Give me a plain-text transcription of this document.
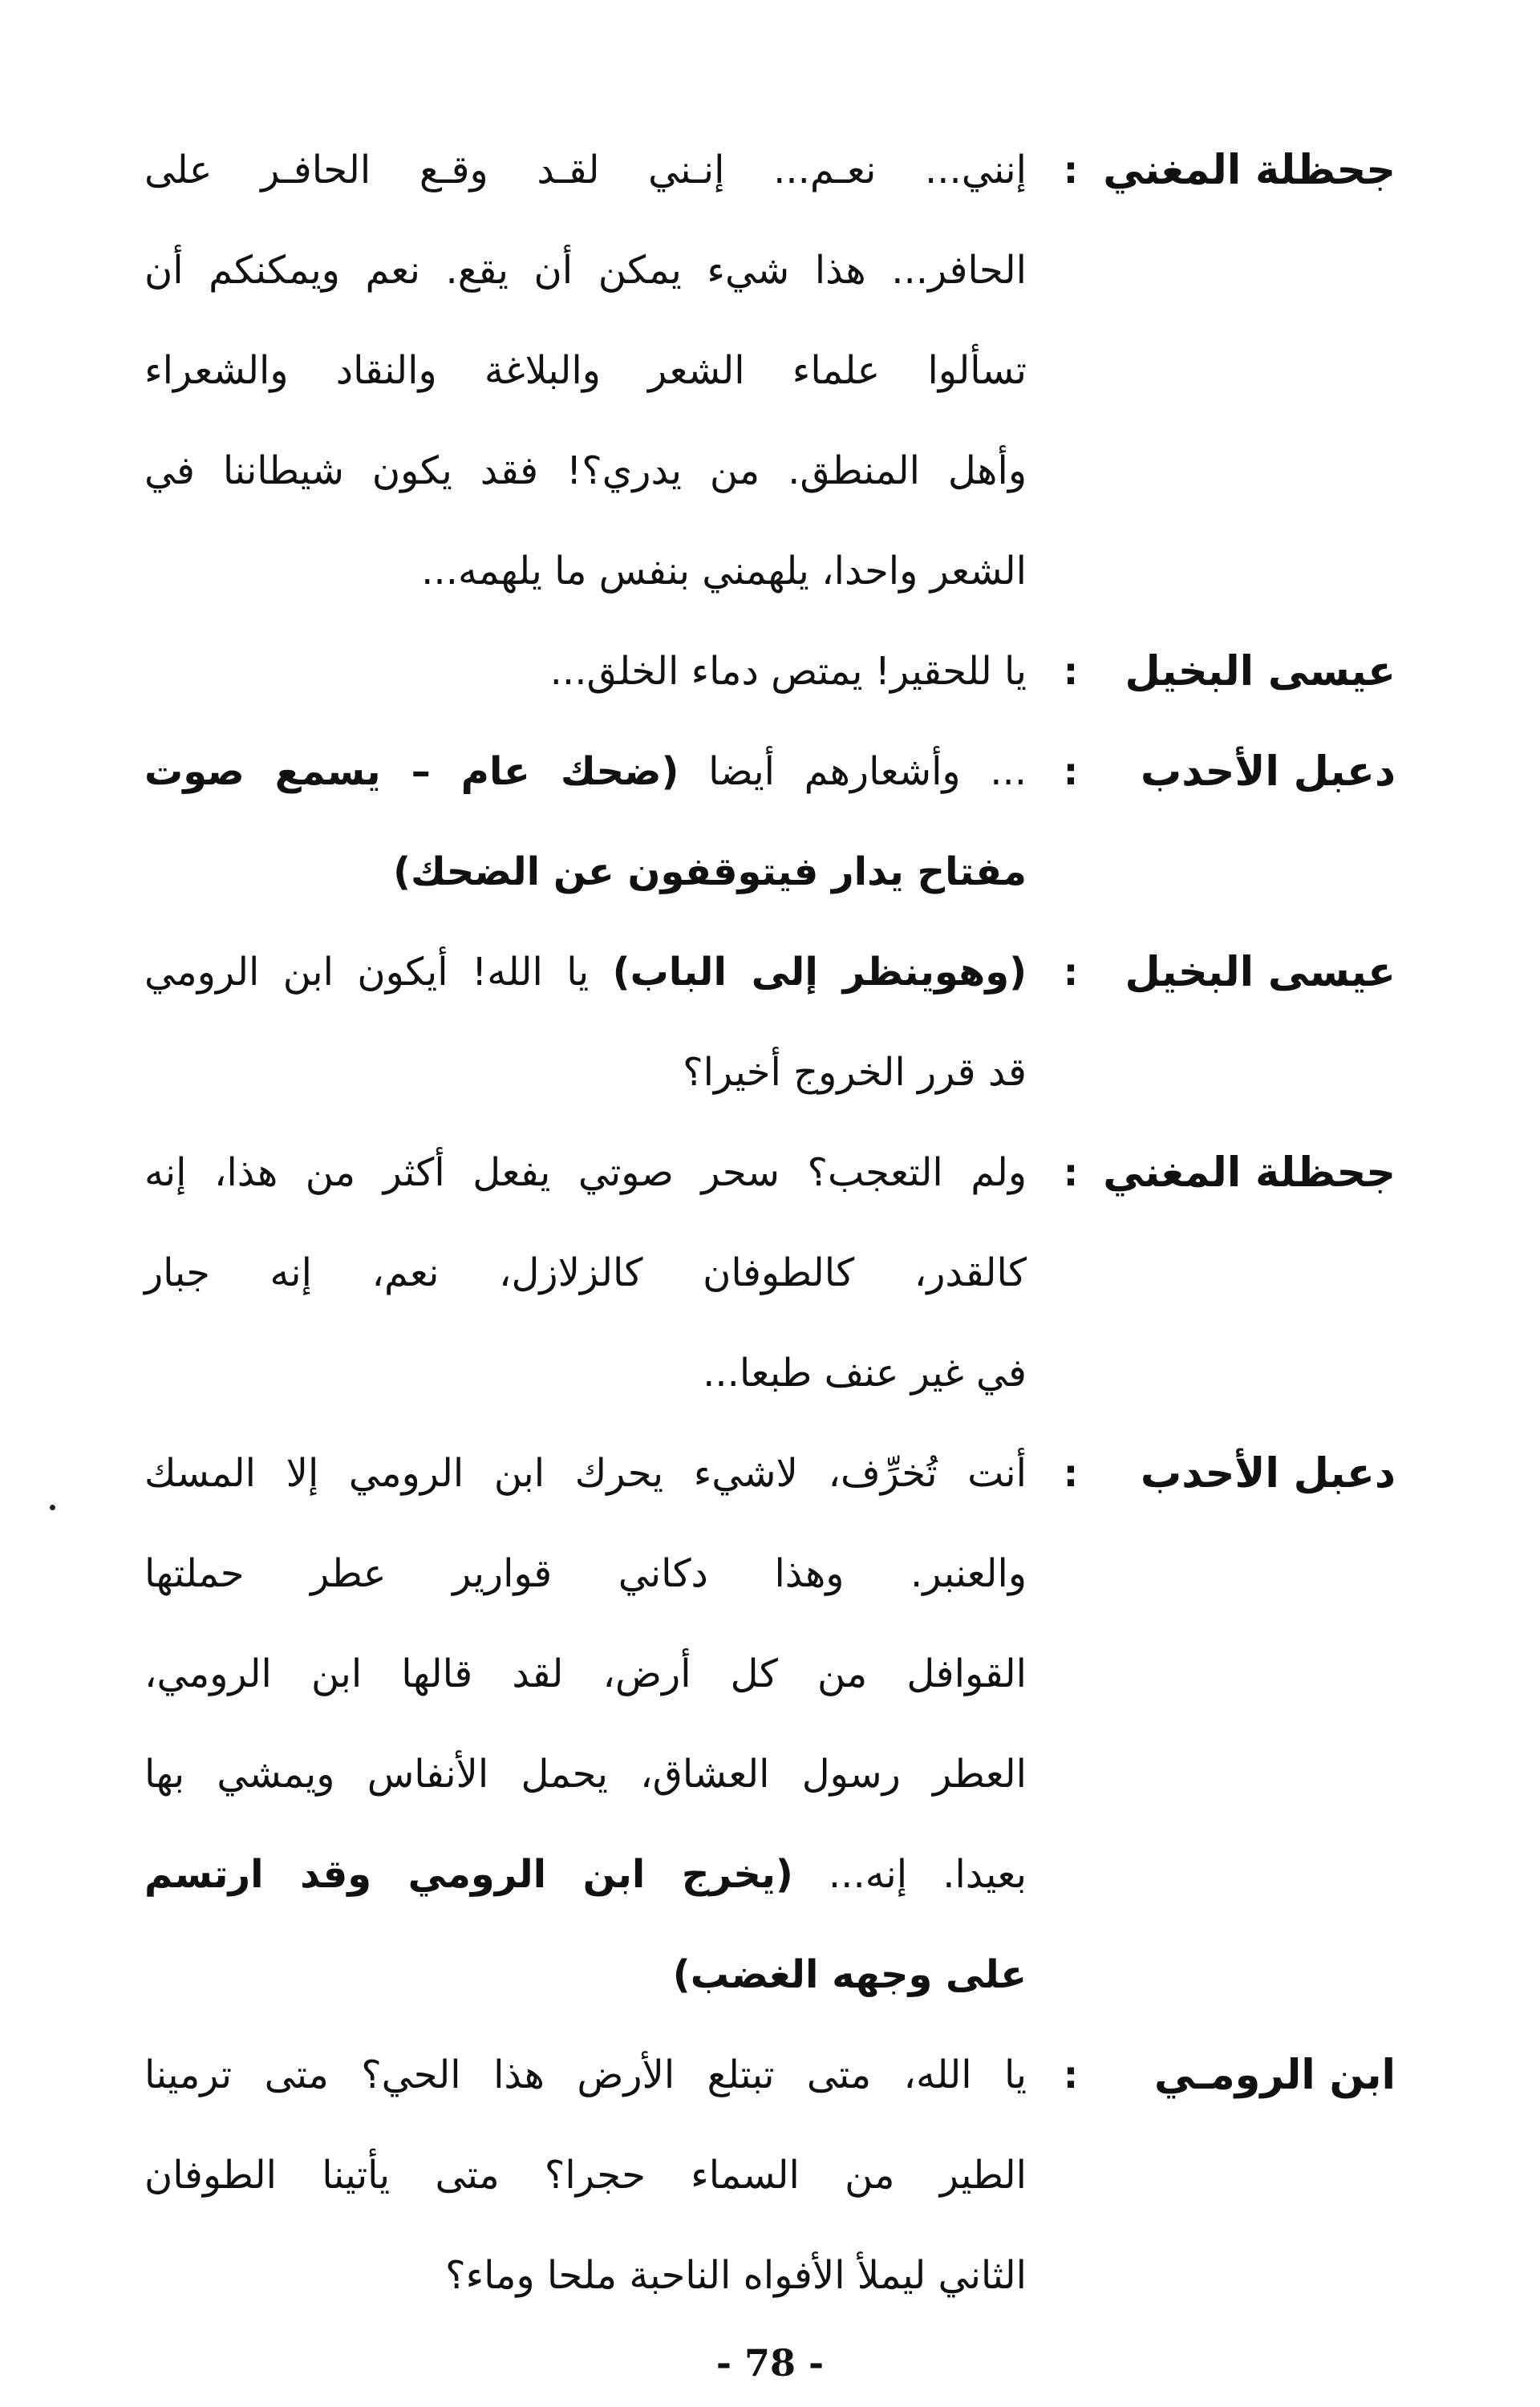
جحظلة المغني
:
إنني... نعـم... إنـني لقـد وقـع الحافـر على
الحافر... هذا شيء يمكن أن يقع. نعم ويمكنكم أن
تسألوا علماء الشعر والبلاغة والنقاد والشعراء
وأهل المنطق. من يدري؟! فقد يكون شيطاننا في
الشعر واحدا، يلهمني بنفس ما يلهمه...
عيسى البخيل
:
يا للحقير! يمتص دماء الخلق...
دعبل الأحدب
:
... وأشعارهم أيضا (ضحك عام – يسمع صوت
مفتاح يدار فيتوقفون عن الضحك)
عيسى البخيل
:
(وهوينظر إلى الباب) يا الله! أيكون ابن الرومي
قد قرر الخروج أخيرا؟
جحظلة المغني
:
ولم التعجب؟ سحر صوتي يفعل أكثر من هذا، إنه
كالقدر، كالطوفان كالزلازل، نعم، إنه جبار
في غير عنف طبعا...
دعبل الأحدب
:
أنت تُخرِّف، لاشيء يحرك ابن الرومي إلا المسك
والعنبر. وهذا دكاني قوارير عطر حملتها
القوافل من كل أرض، لقد قالها ابن الرومي،
العطر رسول العشاق، يحمل الأنفاس ويمشي بها
بعيدا. إنه... (يخرج ابن الرومي وقد ارتسم
على وجهه الغضب)
ابن الرومـي
:
يا الله، متى تبتلع الأرض هذا الحي؟ متى ترمينا
الطير من السماء حجرا؟ متى يأتينا الطوفان
الثاني ليملأ الأفواه الناحبة ملحا وماء؟
- 78 -
